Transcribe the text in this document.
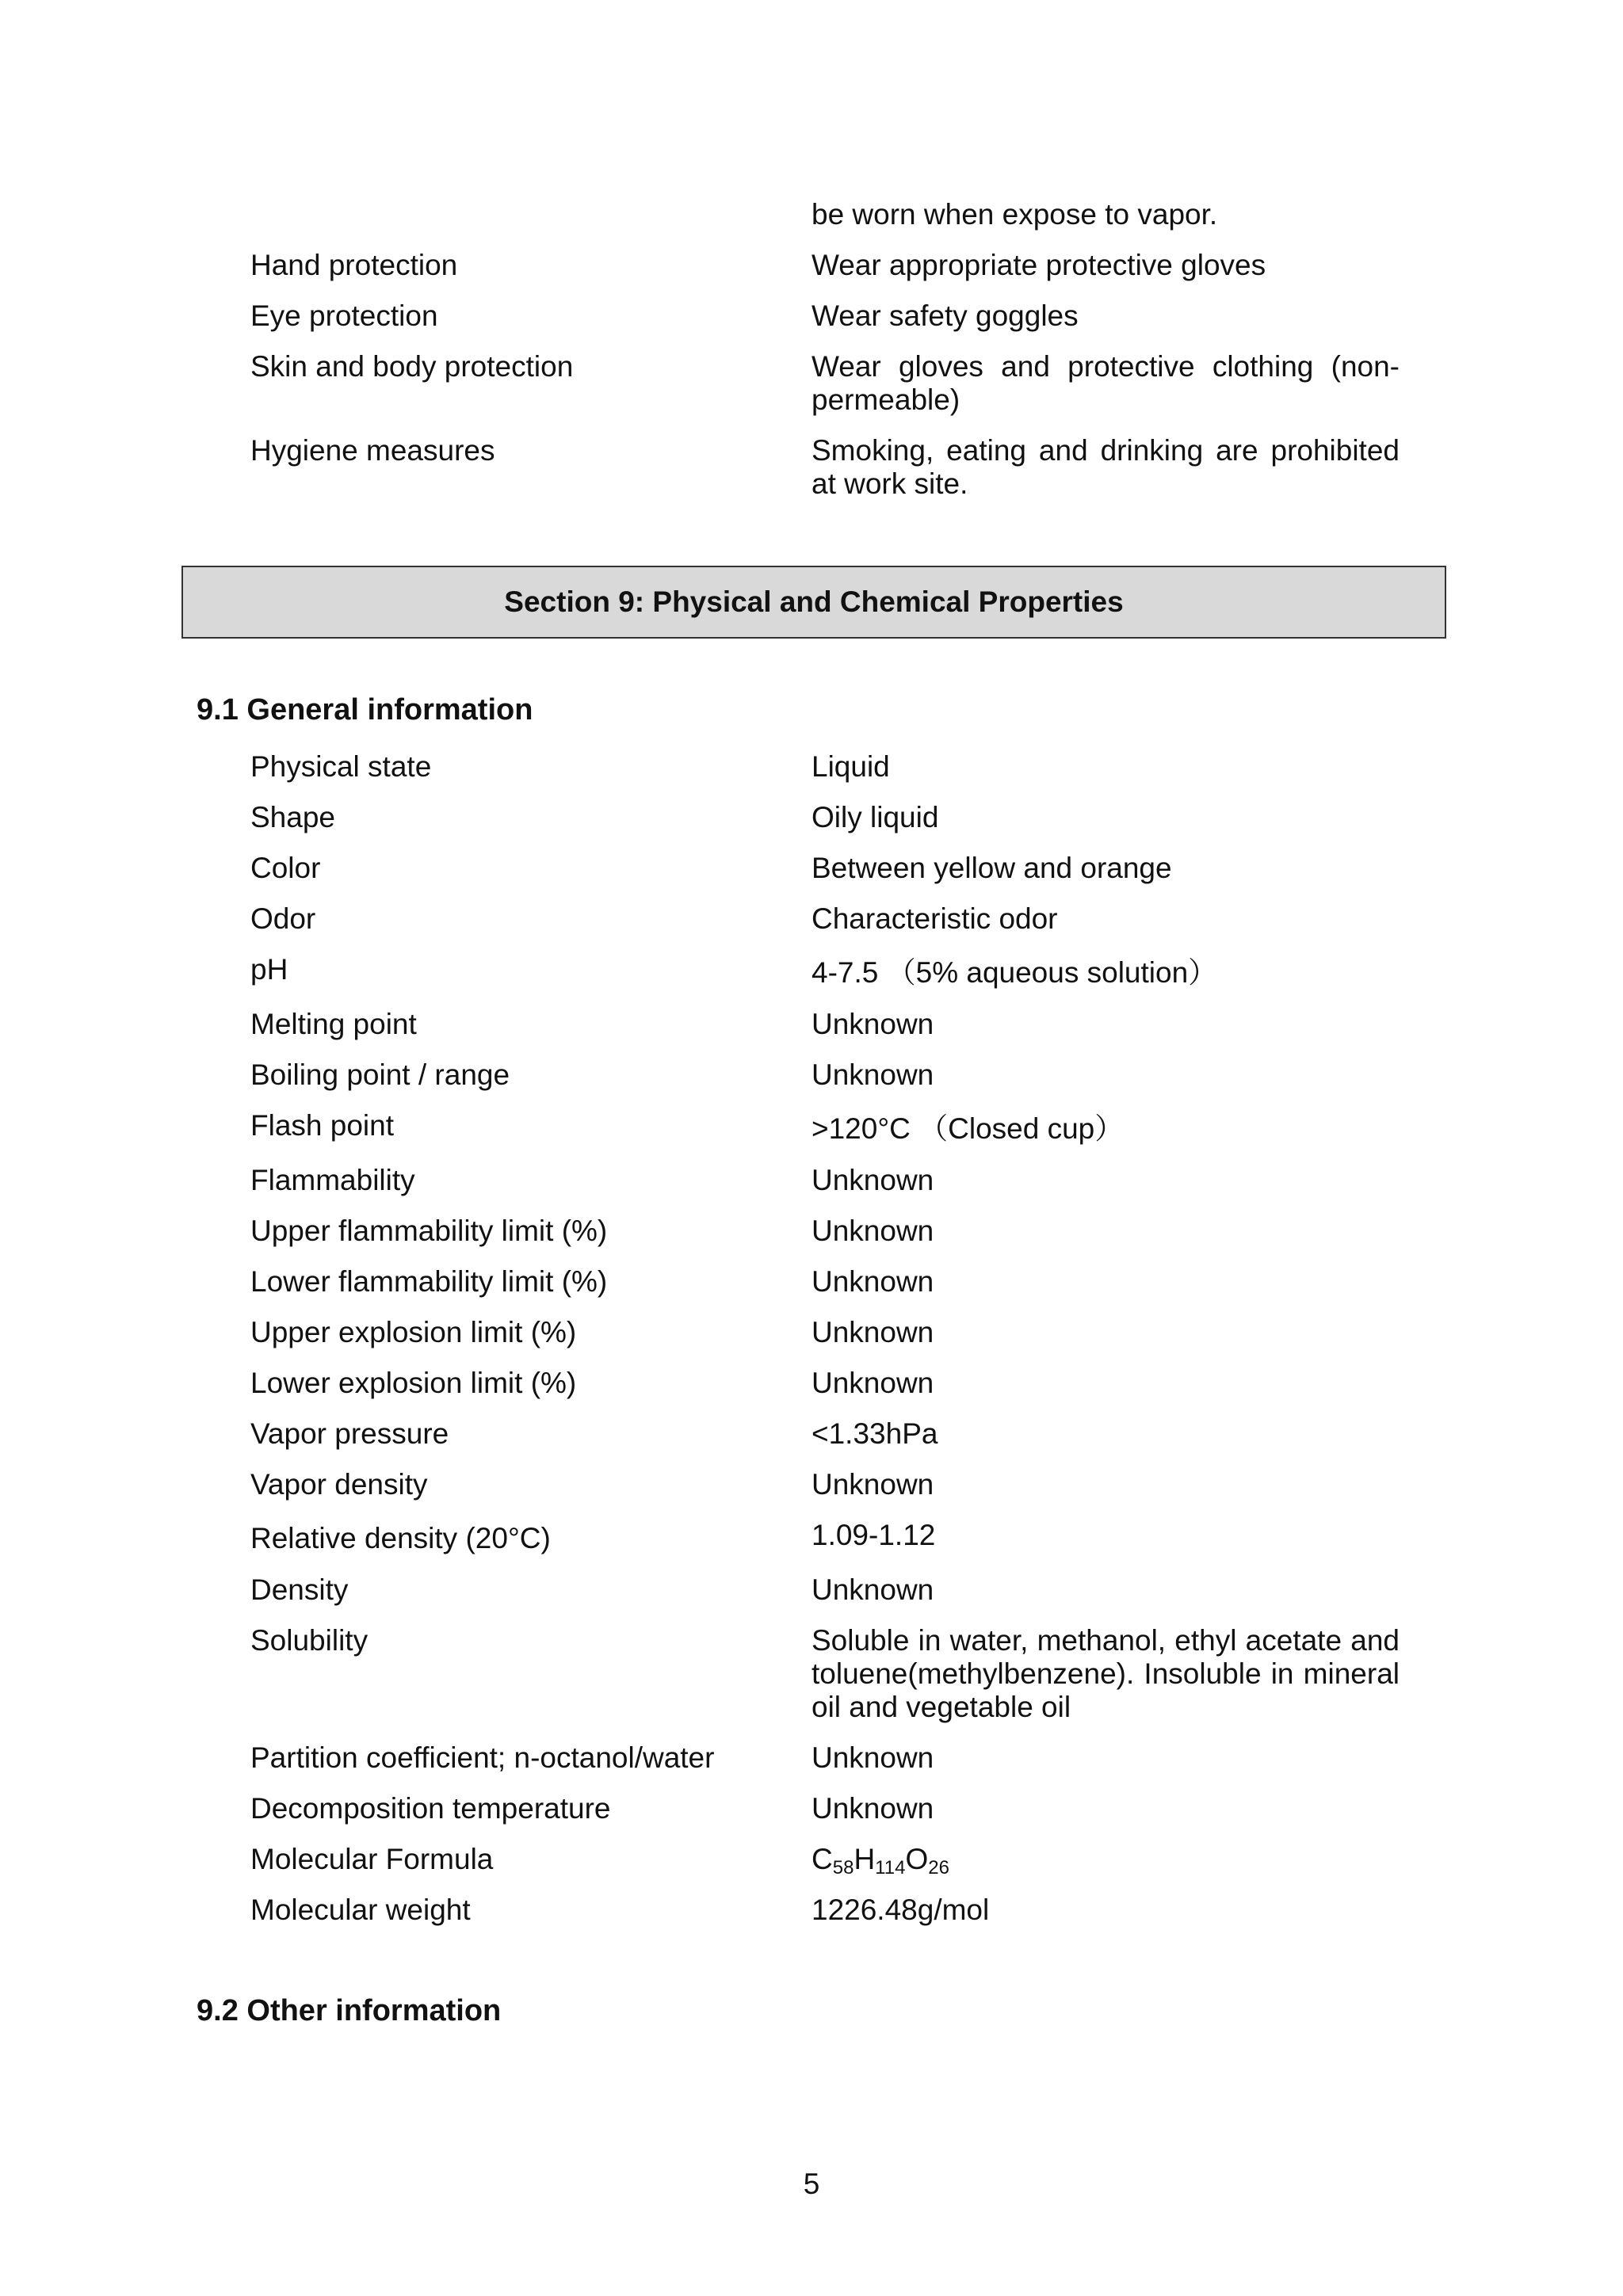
be worn when expose to vapor.
Hand protection	Wear appropriate protective gloves
Eye protection	Wear safety goggles
Skin and body protection	Wear gloves and protective clothing (non-permeable)
Hygiene measures	Smoking, eating and drinking are prohibited at work site.
Section 9: Physical and Chemical Properties
9.1 General information
Physical state	Liquid
Shape	Oily liquid
Color	Between yellow and orange
Odor	Characteristic odor
pH	4-7.5 （5% aqueous solution）
Melting point	Unknown
Boiling point / range	Unknown
Flash point	>120°C （Closed cup）
Flammability	Unknown
Upper flammability limit (%)	Unknown
Lower flammability limit (%)	Unknown
Upper explosion limit (%)	Unknown
Lower explosion limit (%)	Unknown
Vapor pressure	<1.33hPa
Vapor density	Unknown
Relative density (20°C)	1.09-1.12
Density	Unknown
Solubility	Soluble in water, methanol, ethyl acetate and toluene(methylbenzene). Insoluble in mineral oil and vegetable oil
Partition coefficient; n-octanol/water	Unknown
Decomposition temperature	Unknown
Molecular Formula	$C_{58}H_{114}O_{26}$
Molecular weight	1226.48g/mol
9.2 Other information
5
